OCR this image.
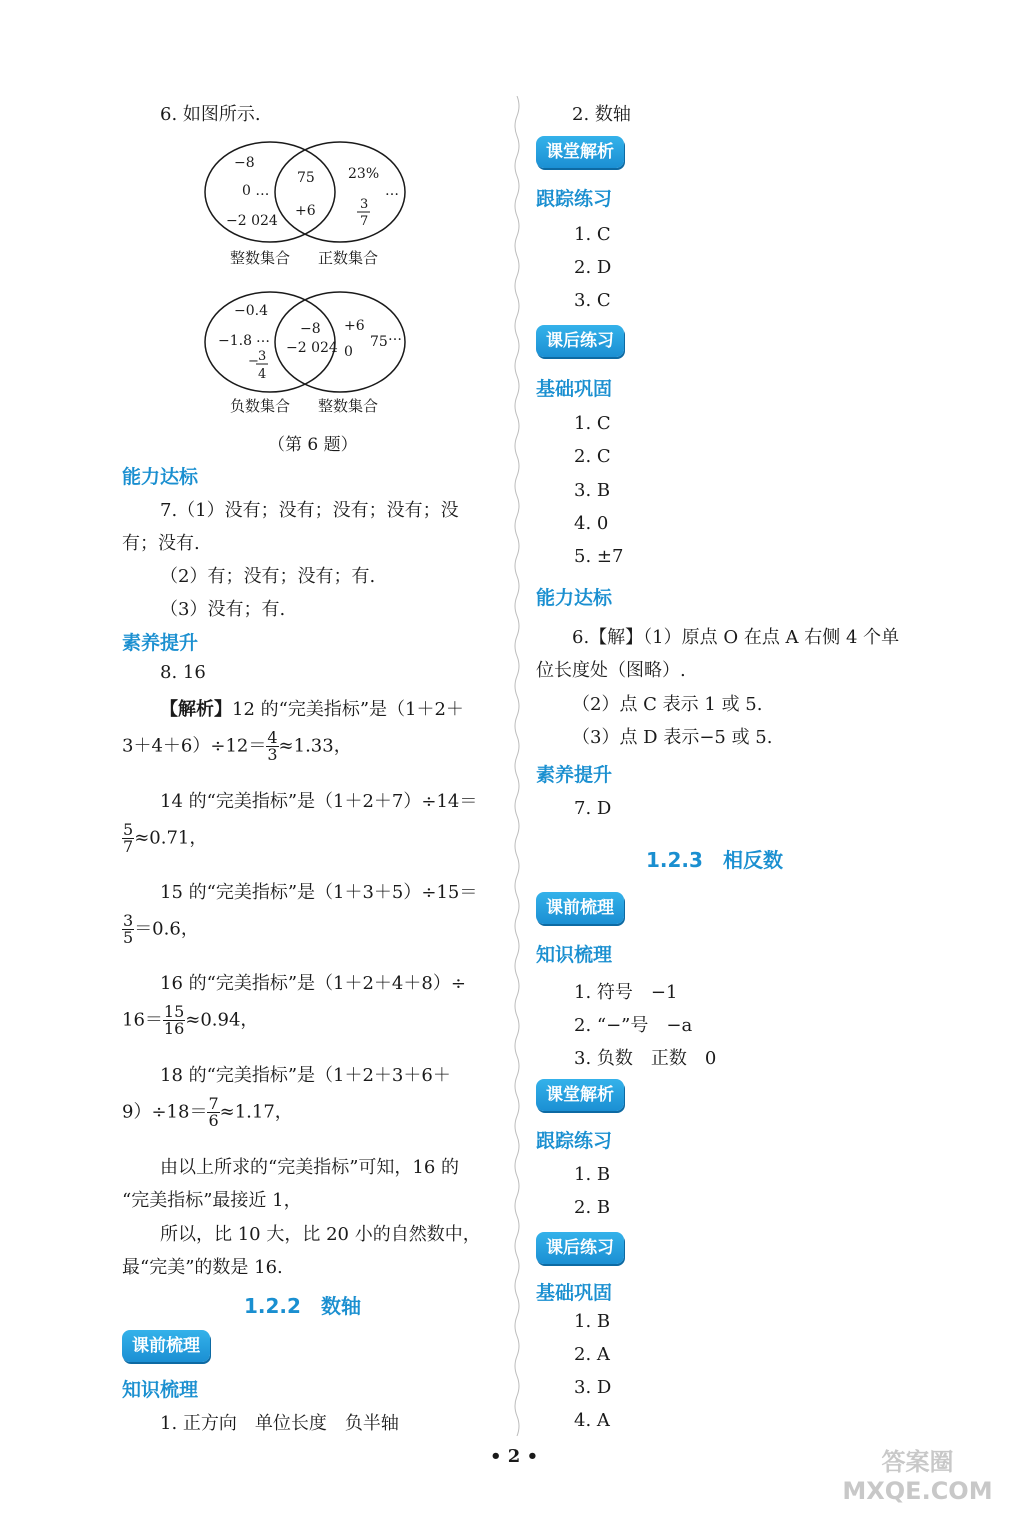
6. 如图所示.
−8
0 …
−2 024
75
+6
23%
…
3
7
整数集合 正数集合
−0.4
−1.8 …
− 3
4
−8
−2 024
+6
0
75 …
负数集合 整数集合
（第 6 题）
能力达标
7.（1）没有；没有；没有；没有；没
有；没有.
（2）有；没有；没有；有.
（3）没有；有.
素养提升
8. 16
【解析】12 的“完美指标”是（1＋2＋
$3+4+6)\div 12= \frac{4}{3} \approx 1.33$，
14 的“完美指标”是（1＋2＋7）÷14＝
$\frac{5}{7} \approx 0.71$，
15 的“完美指标”是（1＋3＋5）÷15＝
$\frac{3}{5} =0.6$，
16 的“完美指标”是（1＋2＋4＋8）÷
$16= \frac{15}{16} \approx 0.94$，
18 的“完美指标”是（1＋2＋3＋6＋
$9)\div 18= \frac{7}{6} \approx 1.17$，
由以上所求的“完美指标”可知，16 的
“完美指标”最接近 1，
所以，比 10 大，比 20 小的自然数中，
最“完美”的数是 16.
1.2.2　数轴
课前梳理
知识梳理
1. 正方向　单位长度　负半轴
2. 数轴
课堂解析
跟踪练习
1. C
2. D
3. C
课后练习
基础巩固
1. C
2. C
3. B
4. 0
5. ±7
能力达标
6.【解】（1）原点 O 在点 A 右侧 4 个单
位长度处（图略）.
（2）点 C 表示 1 或 5.
（3）点 D 表示−5 或 5.
素养提升
7. D
1.2.3　相反数
课前梳理
知识梳理
1. 符号　−1
2. “−”号　−a
3. 负数　正数　0
课堂解析
跟踪练习
1. B
2. B
课后练习
基础巩固
1. B
2. A
3. D
4. A
• 2 •	答案圈 MXQE.COM
